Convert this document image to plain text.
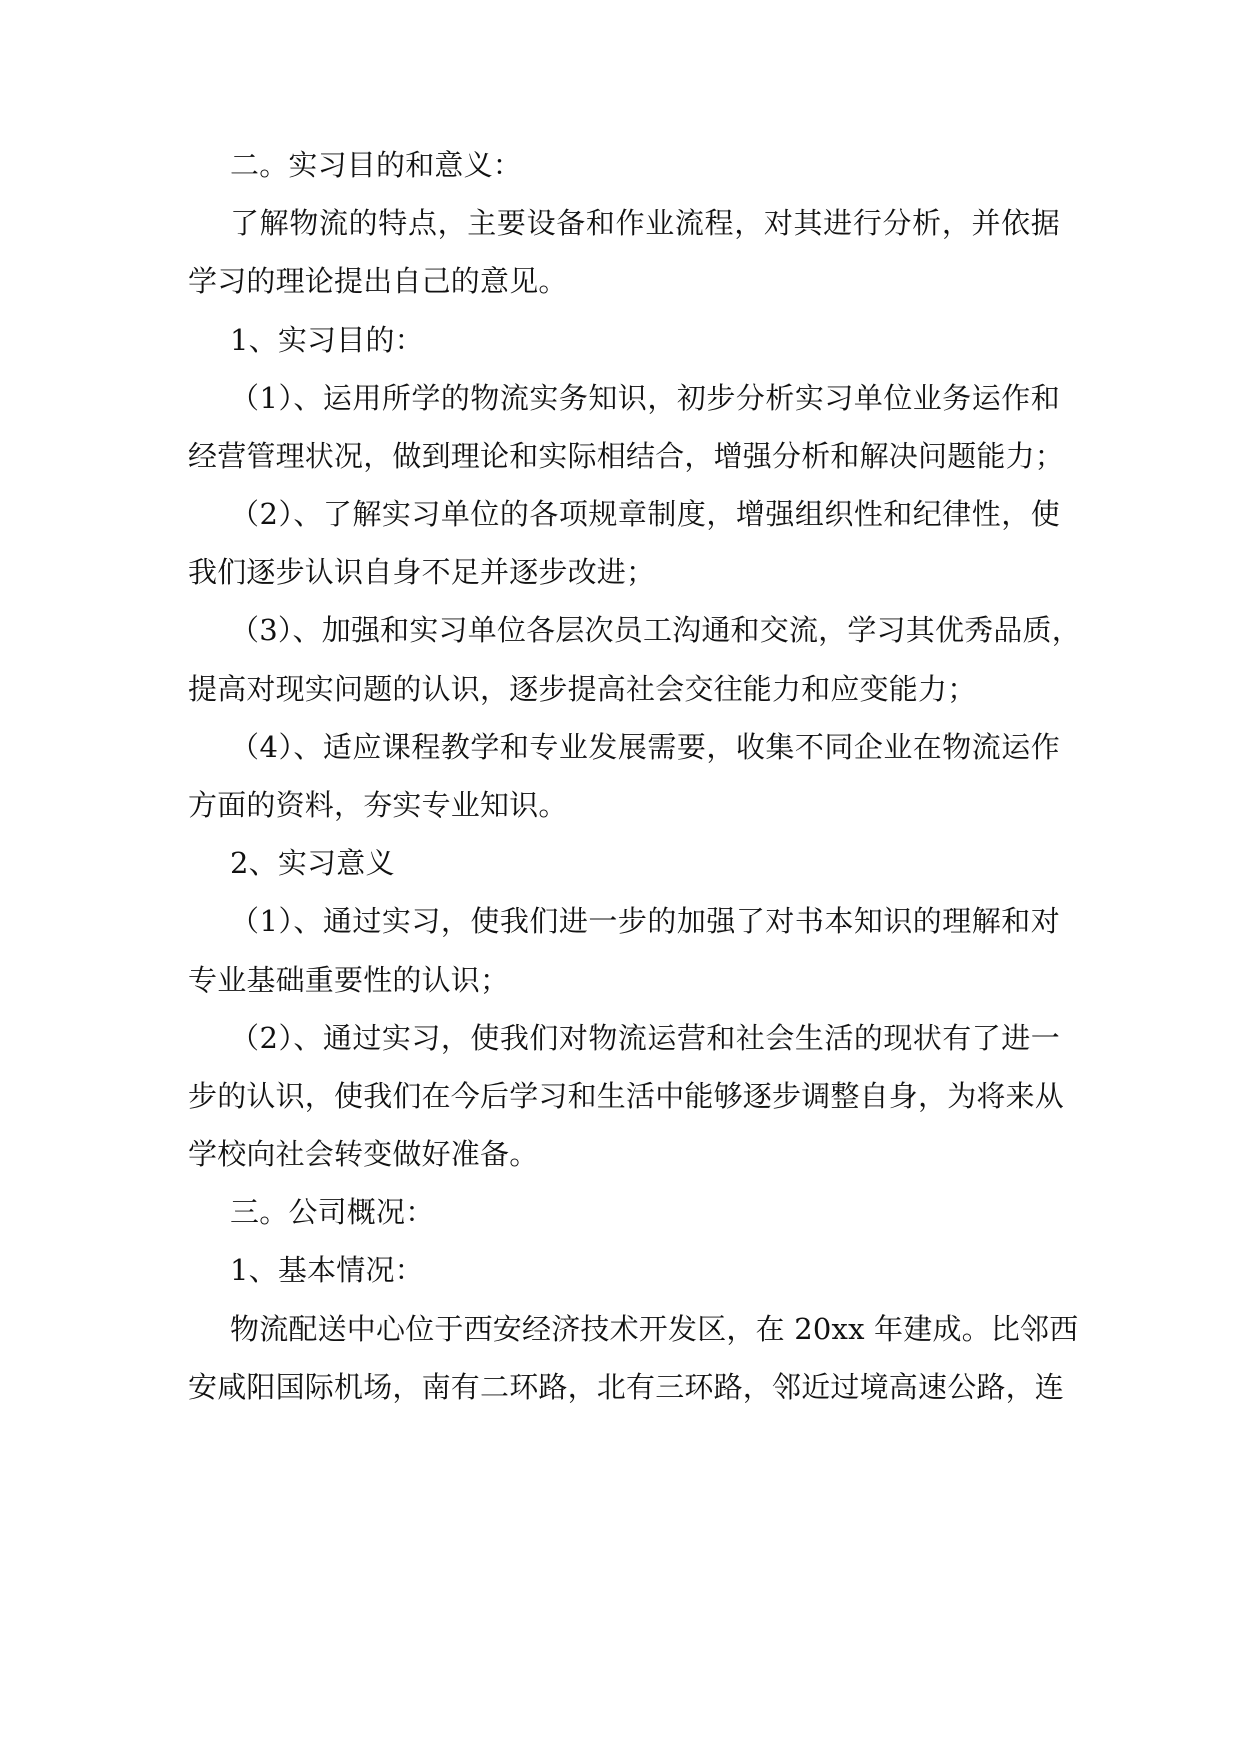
二。实习目的和意义：
了解物流的特点，主要设备和作业流程，对其进行分析，并依据
学习的理论提出自己的意见。
1、实习目的：
（1）、运用所学的物流实务知识，初步分析实习单位业务运作和
经营管理状况，做到理论和实际相结合，增强分析和解决问题能力；
（2）、了解实习单位的各项规章制度，增强组织性和纪律性，使
我们逐步认识自身不足并逐步改进；
（3）、加强和实习单位各层次员工沟通和交流，学习其优秀品质，
提高对现实问题的认识，逐步提高社会交往能力和应变能力；
（4）、适应课程教学和专业发展需要，收集不同企业在物流运作
方面的资料，夯实专业知识。
2、实习意义
（1）、通过实习，使我们进一步的加强了对书本知识的理解和对
专业基础重要性的认识；
（2）、通过实习，使我们对物流运营和社会生活的现状有了进一
步的认识，使我们在今后学习和生活中能够逐步调整自身，为将来从
学校向社会转变做好准备。
三。公司概况：
1、基本情况：
物流配送中心位于西安经济技术开发区，在 20xx 年建成。比邻西
安咸阳国际机场，南有二环路，北有三环路，邻近过境高速公路，连
